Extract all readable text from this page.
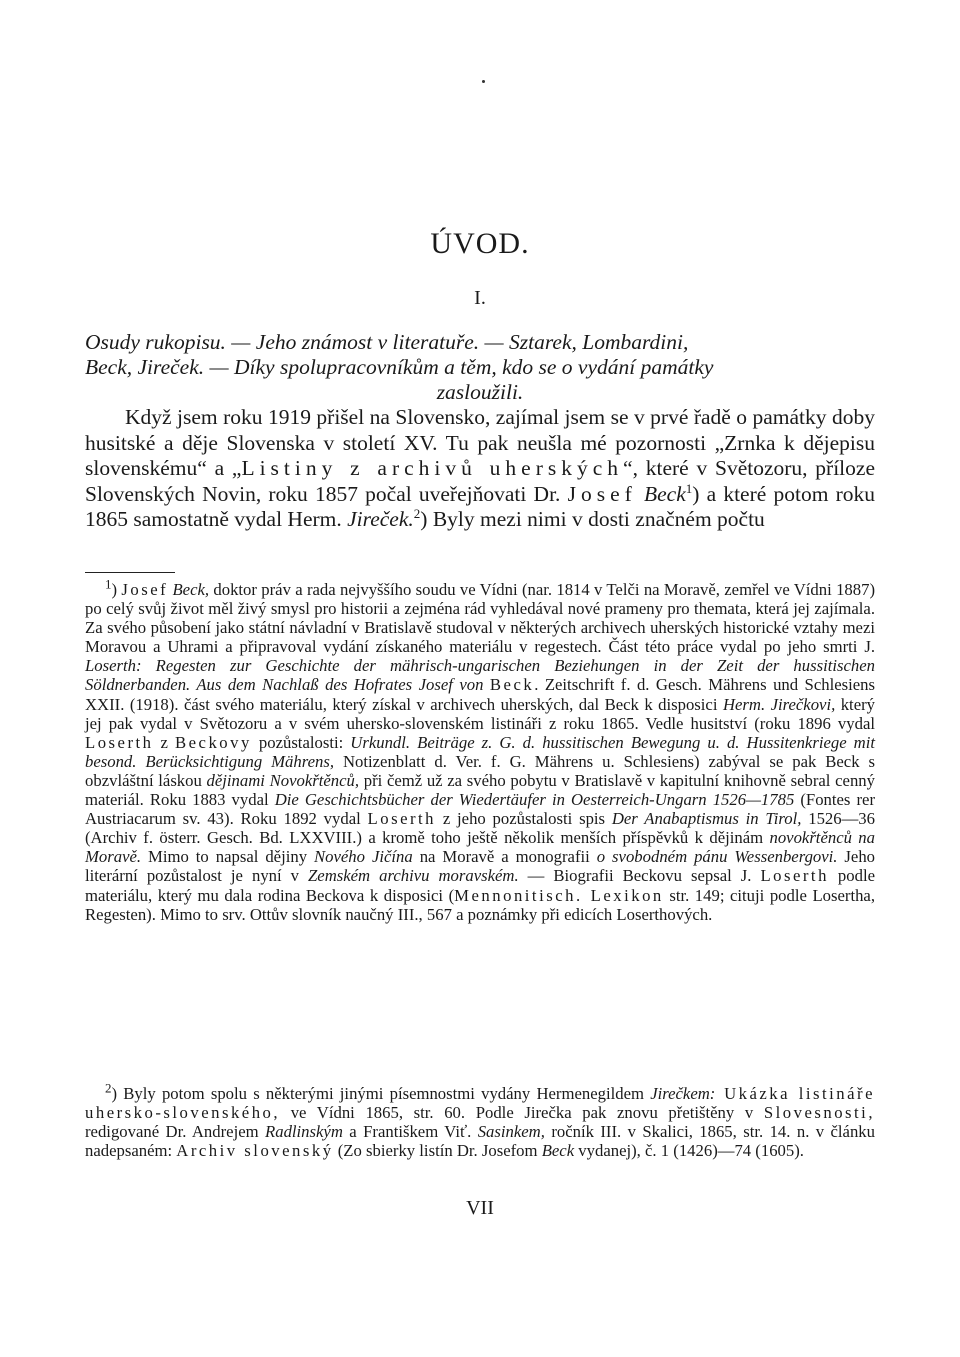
ÚVOD.
I.
Osudy rukopisu. — Jeho známost v literatuře. — Sztarek, Lombardini,
Beck, Jireček. — Díky spolupracovníkům a těm, kdo se o vydání památky
zasloužili.
Když jsem roku 1919 přišel na Slovensko, zajímal jsem se v prvé řadě o památky doby husitské a děje Slovenska v století XV. Tu pak neušla mé pozornosti „Zrnka k dějepisu slovenskému“ a „Listiny z archivů uherských“, které v Světozoru, příloze Slovenských Novin, roku 1857 počal uveřejňovati Dr. Josef Beck$^1$) a které potom roku 1865 samostatně vydal Herm. Jireček.$^2$) Byly mezi nimi v dosti značném počtu

$^1$) Josef Beck, doktor práv a rada nejvyššího soudu ve Vídni (nar. 1814 v Telči na Moravě, zemřel ve Vídni 1887) po celý svůj život měl živý smysl pro historii a zejména rád vyhledával nové prameny pro themata, která jej zajímala. Za svého působení jako státní návladní v Bratislavě studoval v některých archivech uherských historické vztahy mezi Moravou a Uhrami a připravoval vydání získaného materiálu v regestech. Část této práce vydal po jeho smrti J. Loserth: Regesten zur Geschichte der mährisch-ungarischen Beziehungen in der Zeit der hussitischen Söldnerbanden. Aus dem Nachlaß des Hofrates Josef von Beck. Zeitschrift f. d. Gesch. Mährens und Schlesiens XXII. (1918). část svého materiálu, který získal v archivech uherských, dal Beck k disposici Herm. Jirečkovi, který jej pak vydal v Světozoru a v svém uhersko-slovenském listináři z roku 1865. Vedle husitství (roku 1896 vydal Loserth z Beckovy pozůstalosti: Urkundl. Beiträge z. G. d. hussitischen Bewegung u. d. Hussitenkriege mit besond. Berücksichtigung Mährens, Notizenblatt d. Ver. f. G. Mährens u. Schlesiens) zabýval se pak Beck s obzvláštní láskou dějinami Novokřtěnců, při čemž už za svého pobytu v Bratislavě v kapitulní knihovně sebral cenný materiál. Roku 1883 vydal Die Geschichtsbücher der Wiedertäufer in Oesterreich-Ungarn 1526—1785 (Fontes rer Austriacarum sv. 43). Roku 1892 vydal Loserth z jeho pozůstalosti spis Der Anabaptismus in Tirol, 1526—36 (Archiv f. österr. Gesch. Bd. LXXVIII.) a kromě toho ještě několik menších příspěvků k dějinám novokřtěnců na Moravě. Mimo to napsal dějiny Nového Jičína na Moravě a monografii o svobodném pánu Wessenbergovi. Jeho literární pozůstalost je nyní v Zemském archivu moravském. — Biografii Beckovu sepsal J. Loserth podle materiálu, který mu dala rodina Beckova k disposici (Mennonitisch. Lexikon str. 149; cituji podle Losertha, Regesten). Mimo to srv. Ottův slovník naučný III., 567 a poznámky při edicích Loserthových.

$^2$) Byly potom spolu s některými jinými písemnostmi vydány Hermenegildem Jirečkem: Ukázka listináře uhersko-slovenského, ve Vídni 1865, str. 60. Podle Jirečka pak znovu přetištěny v Slovesnosti, redigované Dr. Andrejem Radlinským a Františkem Viť. Sasinkem, ročník III. v Skalici, 1865, str. 14. n. v článku nadepsaném: Archiv slovenský (Zo sbierky listín Dr. Josefom Beck vydanej), č. 1 (1426)—74 (1605).

VII
